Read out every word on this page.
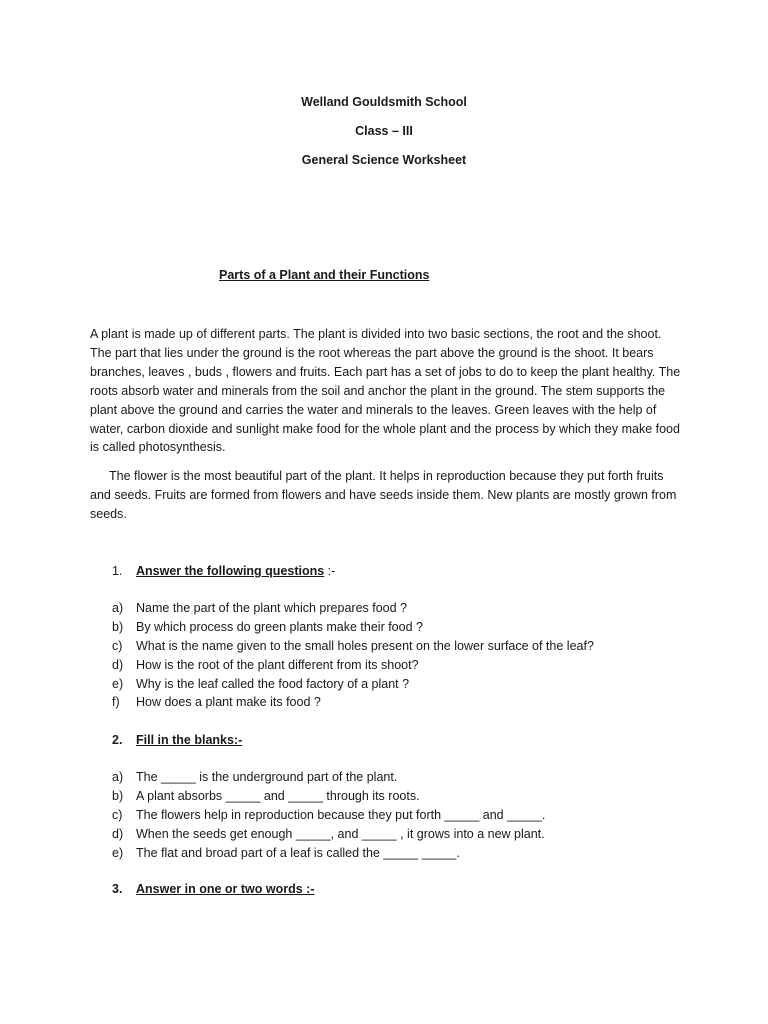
Welland Gouldsmith School
Class – III
General Science Worksheet
Parts of a Plant and their Functions

A plant is made up of different parts. The plant is divided into two basic sections, the root and the shoot. The part that lies under the ground is the root whereas the part above the ground is the shoot. It bears branches, leaves , buds , flowers and fruits. Each part has a set of jobs to do to keep the plant healthy. The roots absorb water and minerals from the soil and anchor the plant in the ground. The stem supports the plant above the ground and carries the water and minerals to the leaves. Green leaves with the help of water, carbon dioxide and sunlight make food for the whole plant and the process by which they make food is called photosynthesis.

The flower is the most beautiful part of the plant. It helps in reproduction because they put forth fruits and seeds. Fruits are formed from flowers and have seeds inside them. New plants are mostly grown from seeds.

1. Answer the following questions :-
a) Name the part of the plant which prepares food ?
b) By which process do green plants make their food ?
c) What is the name given to the small holes present on the lower surface of the leaf?
d) How is the root of the plant different from its shoot?
e) Why is the leaf called the food factory of a plant ?
f) How does a plant make its food ?
2. Fill in the blanks:-
a) The _____ is the underground part of the plant.
b) A plant absorbs _____ and _____ through its roots.
c) The flowers help in reproduction because they put forth _____ and _____.
d) When the seeds get enough _____, and _____ , it grows into a new plant.
e) The flat and broad part of a leaf is called the _____ _____.
3. Answer in one or two words :-
